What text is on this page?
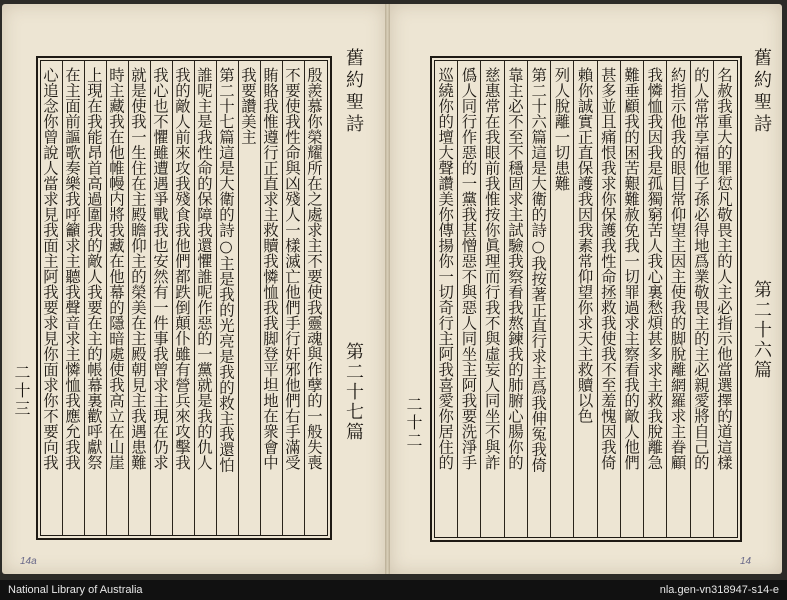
舊約聖詩
第二十七篇
二十三	殷羨慕你榮耀所在之處求主不要使我靈魂與作孽的一般失喪
不要使我性命與凶殘人一樣滅亡他們手行奸邪他們右手滿受
賄賂我惟遵行正直求主救贖我憐恤我我脚登平坦地在衆會中
我要讚美主
第二十七篇這是大衛的詩○主是我的光亮是我的救主我還怕
誰呢主是我性命的保障我還懼誰呢作惡的一黨就是我的仇人
我的敵人前來攻我殘食我他們都跌倒顛仆雖有營兵來攻擊我
我心也不懼雖遭遇爭戰我也安然有一件事我曾求主現在仍求
就是使我一生住在主殿瞻仰主的榮美在主殿朝見主我遇患難
時主藏我在他帷幔内將我藏在他幕的隱暗處使我高立在山崖
上現在我能昂首高過圍我的敵人我要在主的帳幕裏歡呼獻祭
在主面前謳歌奏樂我呼籲求主聽我聲音求主憐恤我應允我我
心追念你曾說人當求見我面主阿我要求見你面求你不要向我
14a
舊約聖詩
第二十六篇
二十二	名赦我重大的罪愆凡敬畏主的人主必指示他當選擇的道這樣
的人常常享福他子孫必得地爲業敬畏主的主必親愛將自己的
約指示他我的眼目常仰望主因主使我的脚脫離網羅求主眷顧
我憐恤我因我是孤獨窮苦人我心裏愁煩甚多求主救我脫離急
難垂顧我的困苦艱難赦免我一切罪過求主察看我的敵人他們
甚多並且痛恨我求你保護我性命拯救我使我不至羞愧因我倚
賴你誠實正直保護我因我素常仰望你求天主救贖以色
列人脫離一切患難
第二十六篇這是大衛的詩○我按著正直行求主爲我伸冤我倚
靠主必不至不穩固求主試驗我察看我熬鍊我的肺腑心腸你的
慈惠常在我眼前我惟按你眞理而行我不與虛妄人同坐不與詐
僞人同行作惡的一黨我甚憎惡不與惡人同坐主阿我要洗淨手
巡繞你的壇大聲讚美你傳揚你一切奇行主阿我喜愛你居住的
14
National Library of Australia	nla.gen-vn318947-s14-e
